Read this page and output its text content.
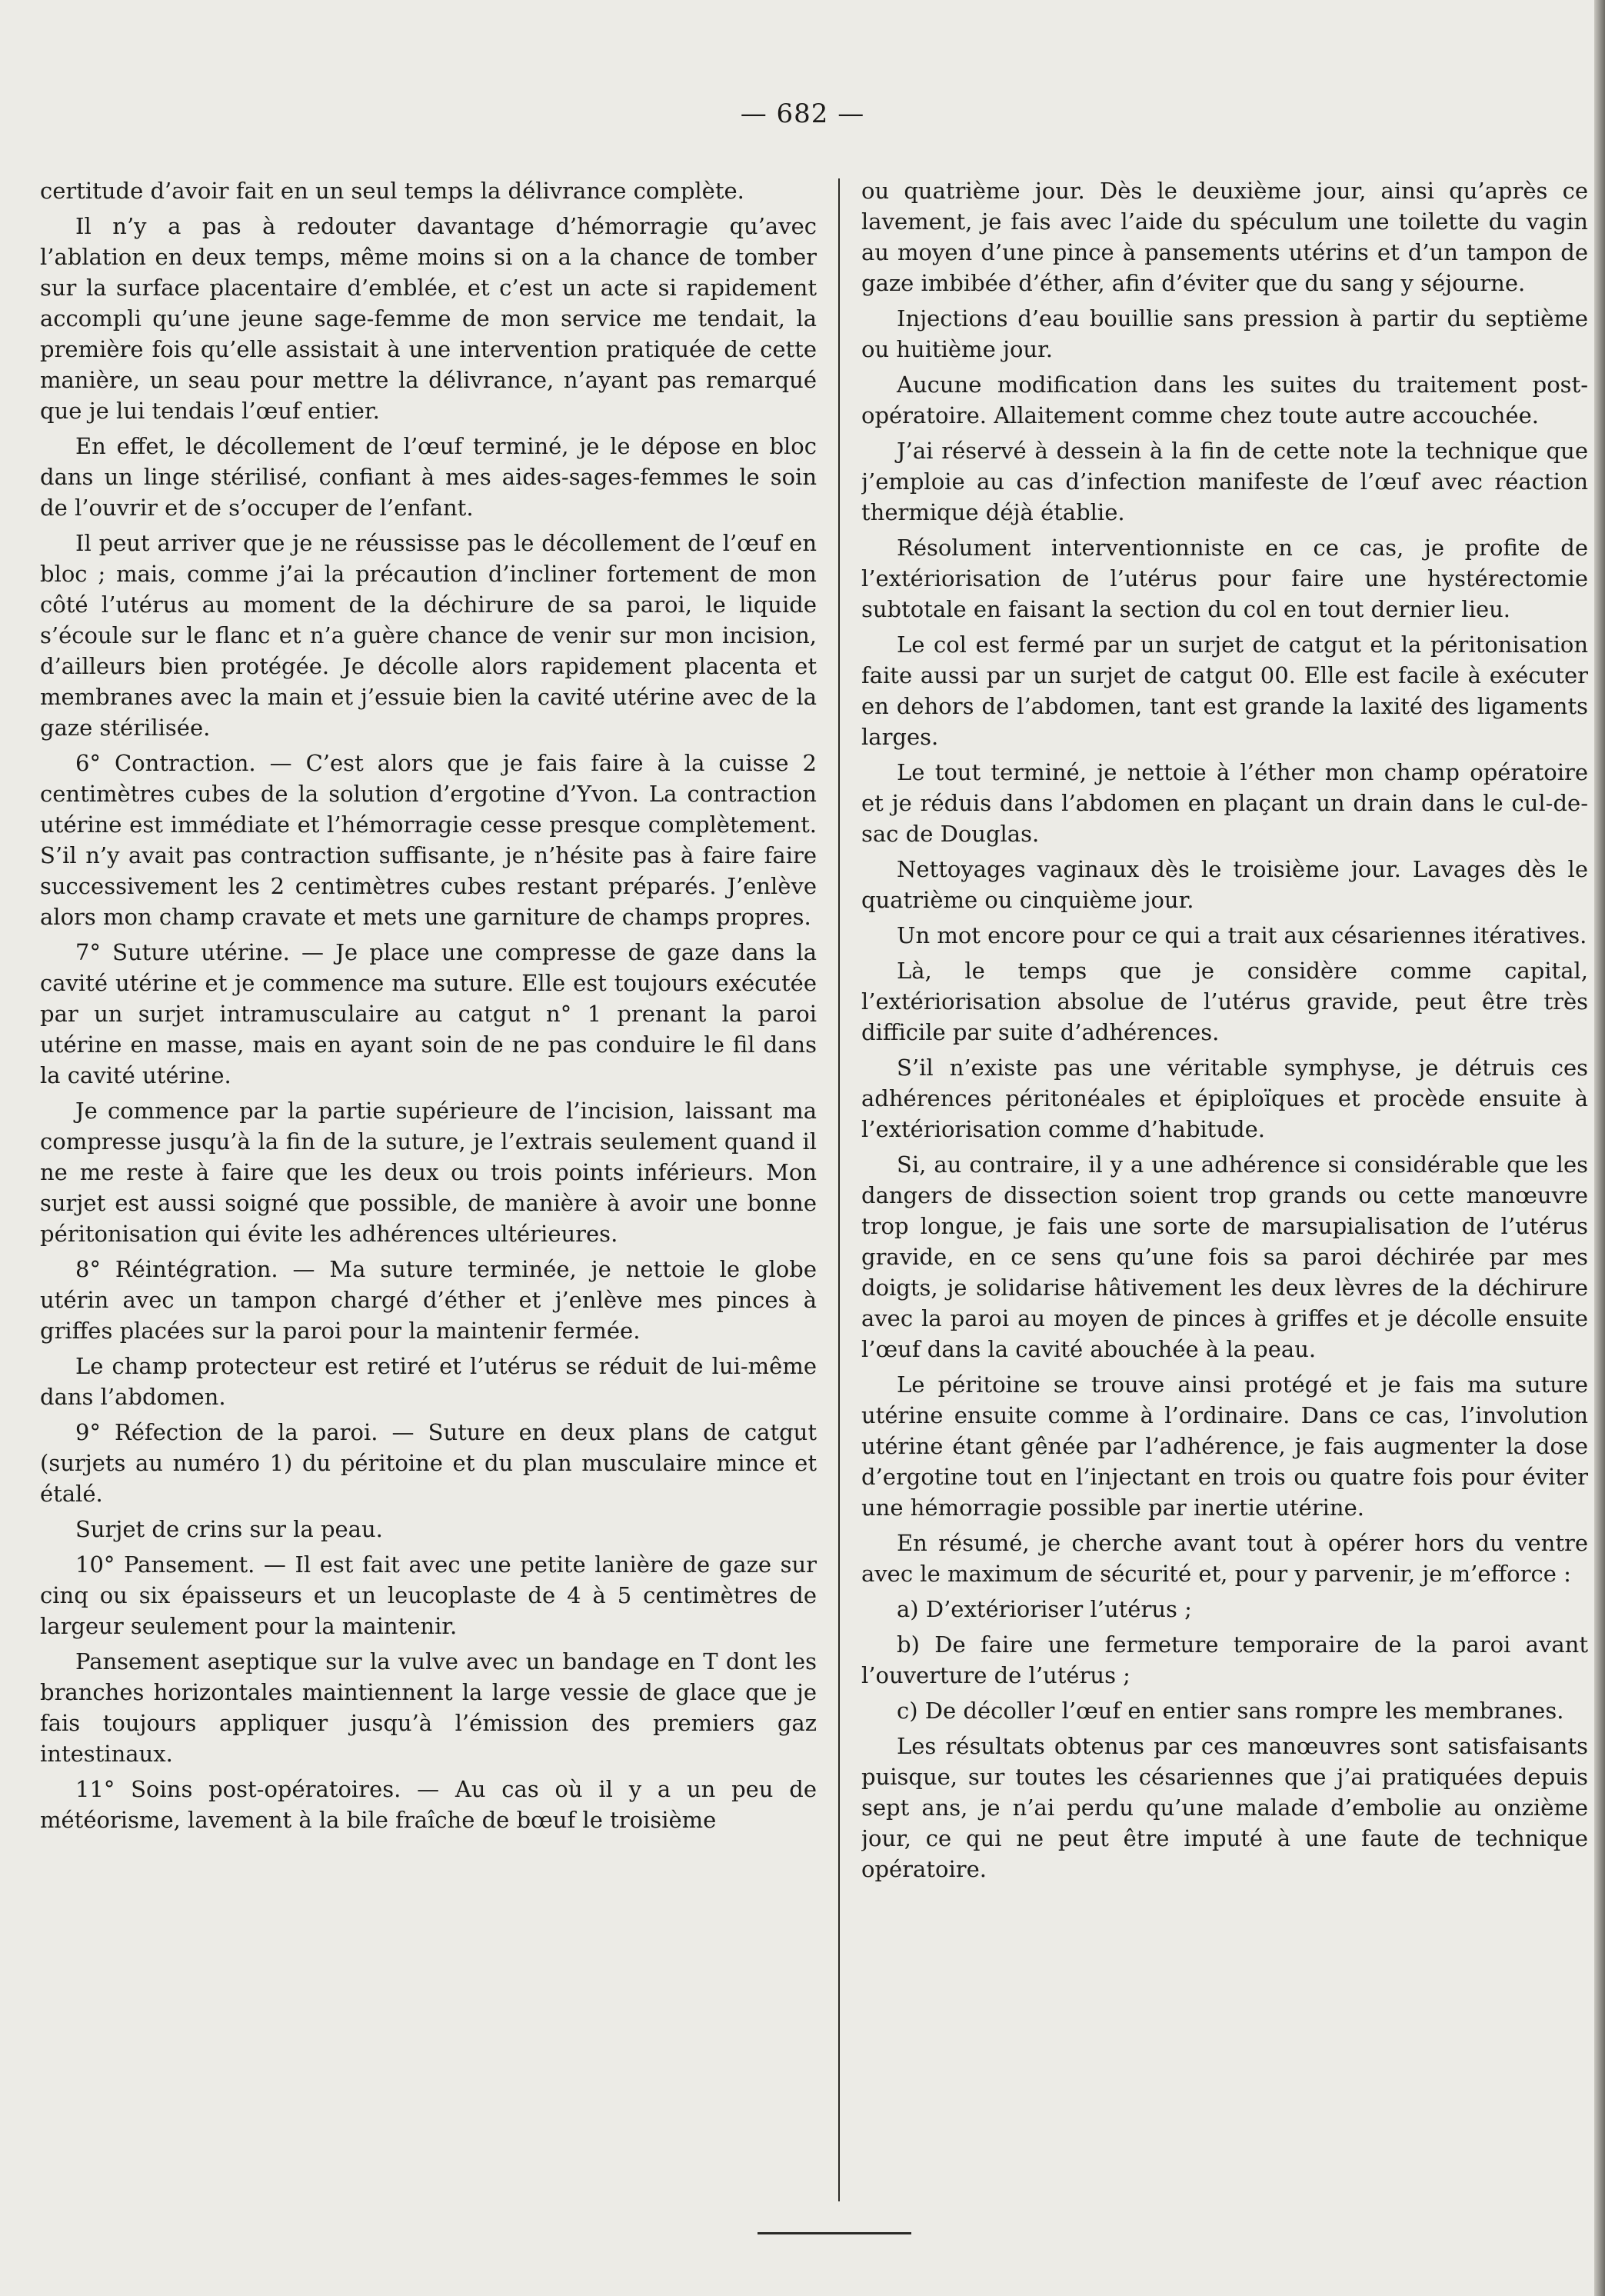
— 682 —

certitude d’avoir fait en un seul temps la délivrance complète.

Il n’y a pas à redouter davantage d’hémorragie qu’avec l’ablation en deux temps, même moins si on a la chance de tomber sur la surface placentaire d’emblée, et c’est un acte si rapidement accompli qu’une jeune sage-femme de mon service me tendait, la première fois qu’elle assistait à une intervention pratiquée de cette manière, un seau pour mettre la délivrance, n’ayant pas remarqué que je lui tendais l’œuf entier.

En effet, le décollement de l’œuf terminé, je le dépose en bloc dans un linge stérilisé, confiant à mes aides-sages-femmes le soin de l’ouvrir et de s’occuper de l’enfant.

Il peut arriver que je ne réussisse pas le décollement de l’œuf en bloc ; mais, comme j’ai la précaution d’incliner fortement de mon côté l’utérus au moment de la déchirure de sa paroi, le liquide s’écoule sur le flanc et n’a guère chance de venir sur mon incision, d’ailleurs bien protégée. Je décolle alors rapidement placenta et membranes avec la main et j’essuie bien la cavité utérine avec de la gaze stérilisée.

6° Contraction. — C’est alors que je fais faire à la cuisse 2 centimètres cubes de la solution d’ergotine d’Yvon. La contraction utérine est immédiate et l’hémorragie cesse presque complètement. S’il n’y avait pas contraction suffisante, je n’hésite pas à faire faire successivement les 2 centimètres cubes restant préparés. J’enlève alors mon champ cravate et mets une garniture de champs propres.

7° Suture utérine. — Je place une compresse de gaze dans la cavité utérine et je commence ma suture. Elle est toujours exécutée par un surjet intramusculaire au catgut n° 1 prenant la paroi utérine en masse, mais en ayant soin de ne pas conduire le fil dans la cavité utérine.

Je commence par la partie supérieure de l’incision, laissant ma compresse jusqu’à la fin de la suture, je l’extrais seulement quand il ne me reste à faire que les deux ou trois points inférieurs. Mon surjet est aussi soigné que possible, de manière à avoir une bonne péritonisation qui évite les adhérences ultérieures.

8° Réintégration. — Ma suture terminée, je nettoie le globe utérin avec un tampon chargé d’éther et j’enlève mes pinces à griffes placées sur la paroi pour la maintenir fermée.

Le champ protecteur est retiré et l’utérus se réduit de lui-même dans l’abdomen.

9° Réfection de la paroi. — Suture en deux plans de catgut (surjets au numéro 1) du péritoine et du plan musculaire mince et étalé.

Surjet de crins sur la peau.

10° Pansement. — Il est fait avec une petite lanière de gaze sur cinq ou six épaisseurs et un leucoplaste de 4 à 5 centimètres de largeur seulement pour la maintenir.

Pansement aseptique sur la vulve avec un bandage en T dont les branches horizontales maintiennent la large vessie de glace que je fais toujours appliquer jusqu’à l’émission des premiers gaz intestinaux.

11° Soins post-opératoires. — Au cas où il y a un peu de météorisme, lavement à la bile fraîche de bœuf le troisième

ou quatrième jour. Dès le deuxième jour, ainsi qu’après ce lavement, je fais avec l’aide du spéculum une toilette du vagin au moyen d’une pince à pansements utérins et d’un tampon de gaze imbibée d’éther, afin d’éviter que du sang y séjourne.

Injections d’eau bouillie sans pression à partir du septième ou huitième jour.

Aucune modification dans les suites du traitement post-opératoire. Allaitement comme chez toute autre accouchée.

J’ai réservé à dessein à la fin de cette note la technique que j’emploie au cas d’infection manifeste de l’œuf avec réaction thermique déjà établie.

Résolument interventionniste en ce cas, je profite de l’extériorisation de l’utérus pour faire une hystérectomie subtotale en faisant la section du col en tout dernier lieu.

Le col est fermé par un surjet de catgut et la péritonisation faite aussi par un surjet de catgut 00. Elle est facile à exécuter en dehors de l’abdomen, tant est grande la laxité des ligaments larges.

Le tout terminé, je nettoie à l’éther mon champ opératoire et je réduis dans l’abdomen en plaçant un drain dans le cul-de-sac de Douglas.

Nettoyages vaginaux dès le troisième jour. Lavages dès le quatrième ou cinquième jour.

Un mot encore pour ce qui a trait aux césariennes itératives.

Là, le temps que je considère comme capital, l’extériorisation absolue de l’utérus gravide, peut être très difficile par suite d’adhérences.

S’il n’existe pas une véritable symphyse, je détruis ces adhérences péritonéales et épiploïques et procède ensuite à l’extériorisation comme d’habitude.

Si, au contraire, il y a une adhérence si considérable que les dangers de dissection soient trop grands ou cette manœuvre trop longue, je fais une sorte de marsupialisation de l’utérus gravide, en ce sens qu’une fois sa paroi déchirée par mes doigts, je solidarise hâtivement les deux lèvres de la déchirure avec la paroi au moyen de pinces à griffes et je décolle ensuite l’œuf dans la cavité abouchée à la peau.

Le péritoine se trouve ainsi protégé et je fais ma suture utérine ensuite comme à l’ordinaire. Dans ce cas, l’involution utérine étant gênée par l’adhérence, je fais augmenter la dose d’ergotine tout en l’injectant en trois ou quatre fois pour éviter une hémorragie possible par inertie utérine.

En résumé, je cherche avant tout à opérer hors du ventre avec le maximum de sécurité et, pour y parvenir, je m’efforce :

a) D’extérioriser l’utérus ;

b) De faire une fermeture temporaire de la paroi avant l’ouverture de l’utérus ;

c) De décoller l’œuf en entier sans rompre les membranes.

Les résultats obtenus par ces manœuvres sont satisfaisants puisque, sur toutes les césariennes que j’ai pratiquées depuis sept ans, je n’ai perdu qu’une malade d’embolie au onzième jour, ce qui ne peut être imputé à une faute de technique opératoire.
